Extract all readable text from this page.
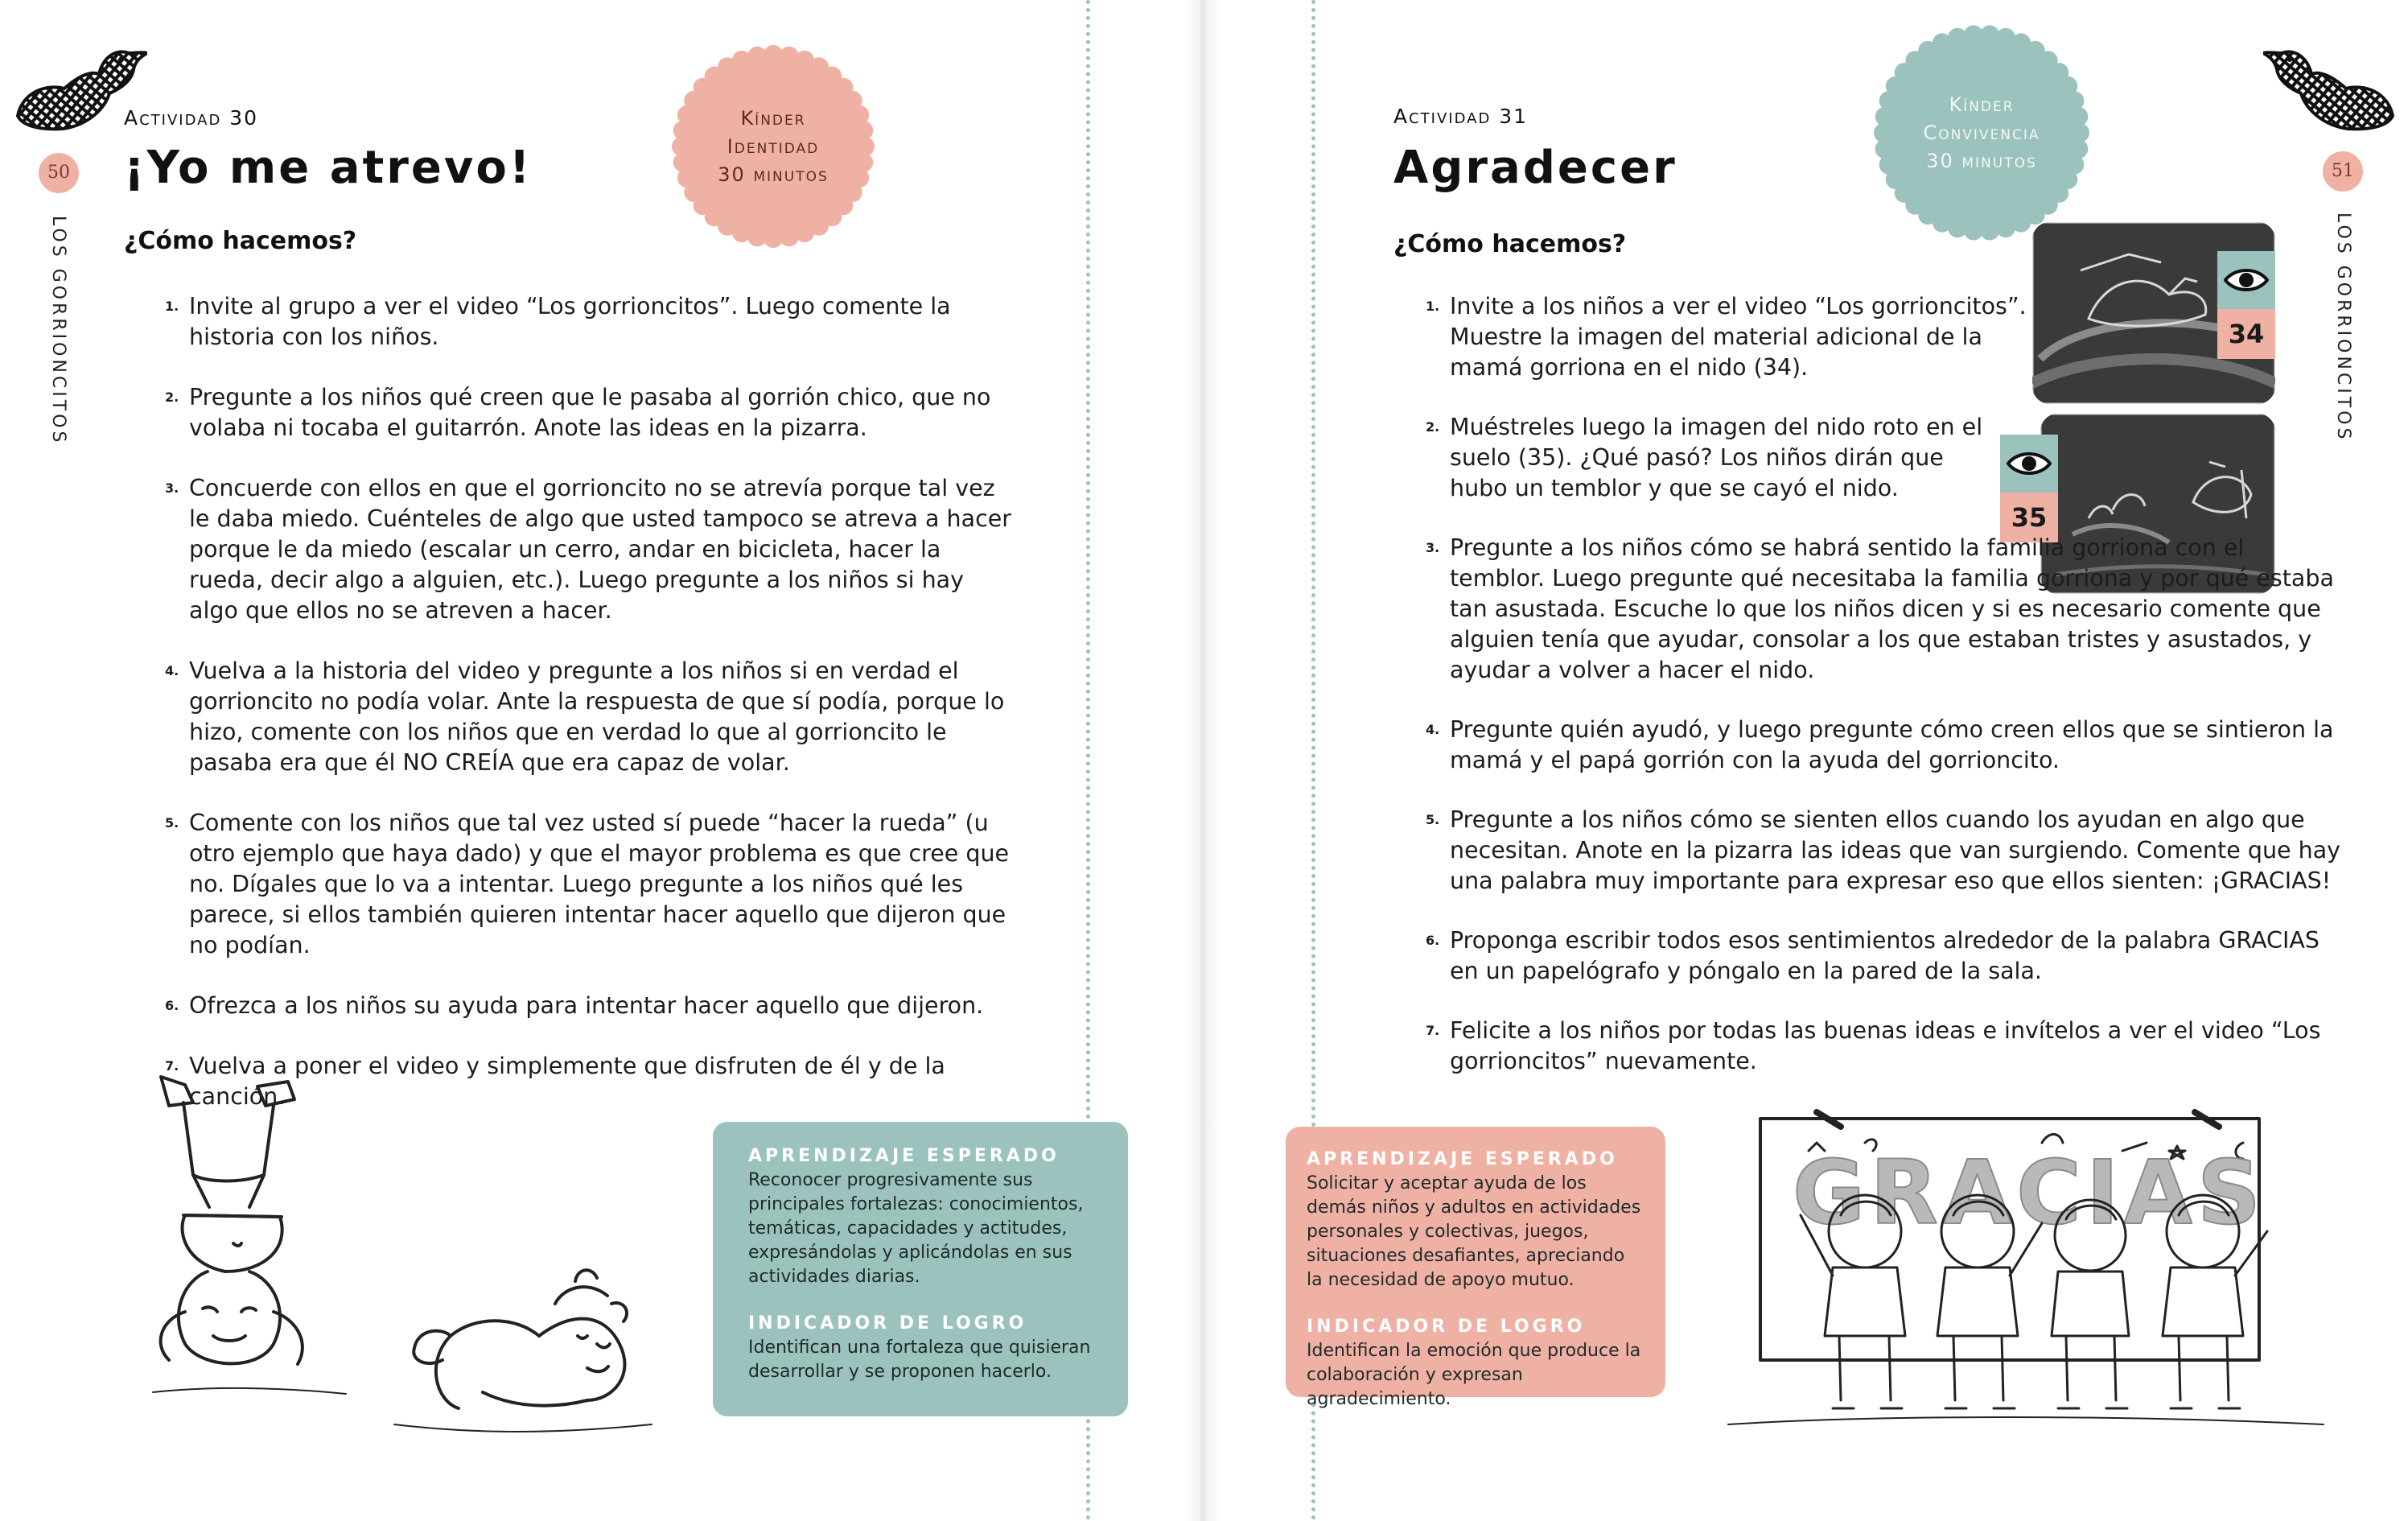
50
LOS GORRIONCITOS
Actividad 30
¡Yo me atrevo!
Kínder
Identidad
30 minutos
¿Cómo hacemos?
1. Invite al grupo a ver el video “Los gorrioncitos”. Luego comente la historia con los niños.
2. Pregunte a los niños qué creen que le pasaba al gorrión chico, que no volaba ni tocaba el guitarrón. Anote las ideas en la pizarra.
3. Concuerde con ellos en que el gorrioncito no se atrevía porque tal vez le daba miedo. Cuénteles de algo que usted tampoco se atreva a hacer porque le da miedo (escalar un cerro, andar en bicicleta, hacer la rueda, decir algo a alguien, etc.). Luego pregunte a los niños si hay algo que ellos no se atreven a hacer.
4. Vuelva a la historia del video y pregunte a los niños si en verdad el gorrioncito no podía volar. Ante la respuesta de que sí podía, porque lo hizo, comente con los niños que en verdad lo que al gorrioncito le pasaba era que él NO CREÍA que era capaz de volar.
5. Comente con los niños que tal vez usted sí puede “hacer la rueda” (u otro ejemplo que haya dado) y que el mayor problema es que cree que no. Dígales que lo va a intentar. Luego pregunte a los niños qué les parece, si ellos también quieren intentar hacer aquello que dijeron que no podían.
6. Ofrezca a los niños su ayuda para intentar hacer aquello que dijeron.
7. Vuelva a poner el video y simplemente que disfruten de él y de la canción.
APRENDIZAJE ESPERADO

Reconocer progresivamente sus principales fortalezas: conocimientos, temáticas, capacidades y actitudes, expresándolas y aplicándolas en sus actividades diarias.

INDICADOR DE LOGRO

Identifican una fortaleza que quisieran desarrollar y se proponen hacerlo.

51
LOS GORRIONCITOS
Actividad 31
Agradecer
Kínder
Convivencia
30 minutos
¿Cómo hacemos?
34
35
1. Invite a los niños a ver el video “Los gorrioncitos”. Muestre la imagen del material adicional de la mamá gorriona en el nido (34).
2. Muéstreles luego la imagen del nido roto en el suelo (35). ¿Qué pasó? Los niños dirán que hubo un temblor y que se cayó el nido.
3. Pregunte a los niños cómo se habrá sentido la familia gorriona con el temblor. Luego pregunte qué necesitaba la familia gorriona y por qué estaba tan asustada. Escuche lo que los niños dicen y si es necesario comente que alguien tenía que ayudar, consolar a los que estaban tristes y asustados, y ayudar a volver a hacer el nido.
4. Pregunte quién ayudó, y luego pregunte cómo creen ellos que se sintieron la mamá y el papá gorrión con la ayuda del gorrioncito.
5. Pregunte a los niños cómo se sienten ellos cuando los ayudan en algo que necesitan. Anote en la pizarra las ideas que van surgiendo. Comente que hay una palabra muy importante para expresar eso que ellos sienten: ¡GRACIAS!
6. Proponga escribir todos esos sentimientos alrededor de la palabra GRACIAS en un papelógrafo y póngalo en la pared de la sala.
7. Felicite a los niños por todas las buenas ideas e invítelos a ver el video “Los gorrioncitos” nuevamente.
APRENDIZAJE ESPERADO

Solicitar y aceptar ayuda de los demás niños y adultos en actividades personales y colectivas, juegos, situaciones desafiantes, apreciando la necesidad de apoyo mutuo.

INDICADOR DE LOGRO

Identifican la emoción que produce la colaboración y expresan agradecimiento.

GRACIAS
